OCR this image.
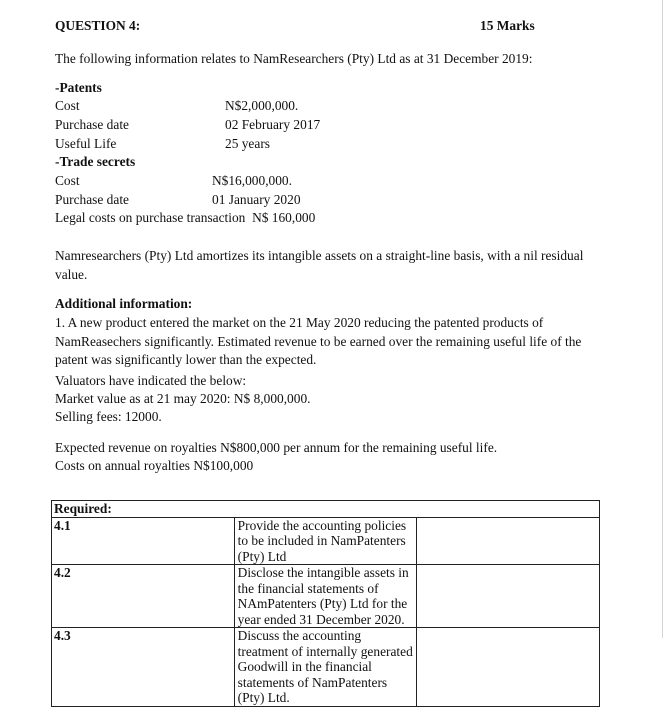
QUESTION 4:	15 Marks
The following information relates to NamResearchers (Pty) Ltd as at 31 December 2019:
-Patents
Cost	N$2,000,000.
Purchase date	02 February 2017
Useful Life	25 years
-Trade secrets
Cost	N$16,000,000.
Purchase date	01 January 2020
Legal costs on purchase transaction  N$ 160,000
Namresearchers (Pty) Ltd amortizes its intangible assets on a straight-line basis, with a nil residual value.
Additional information:
1. A new product entered the market on the 21 May 2020 reducing the patented products of NamReasechers significantly. Estimated revenue to be earned over the remaining useful life of the patent was significantly lower than the expected.
Valuators have indicated the below:
Market value as at 21 may 2020: N$ 8,000,000.
Selling fees: 12000.
Expected revenue on royalties N$800,000 per annum for the remaining useful life.
Costs on annual royalties N$100,000
Required:		
4.1	Provide the accounting policies to be included in NamPatenters (Pty) Ltd	
4.2	Disclose the intangible assets in the financial statements of NAmPatenters (Pty) Ltd for the year ended 31 December 2020.	
4.3	Discuss the accounting treatment of internally generated Goodwill in the financial statements of NamPatenters (Pty) Ltd.	
